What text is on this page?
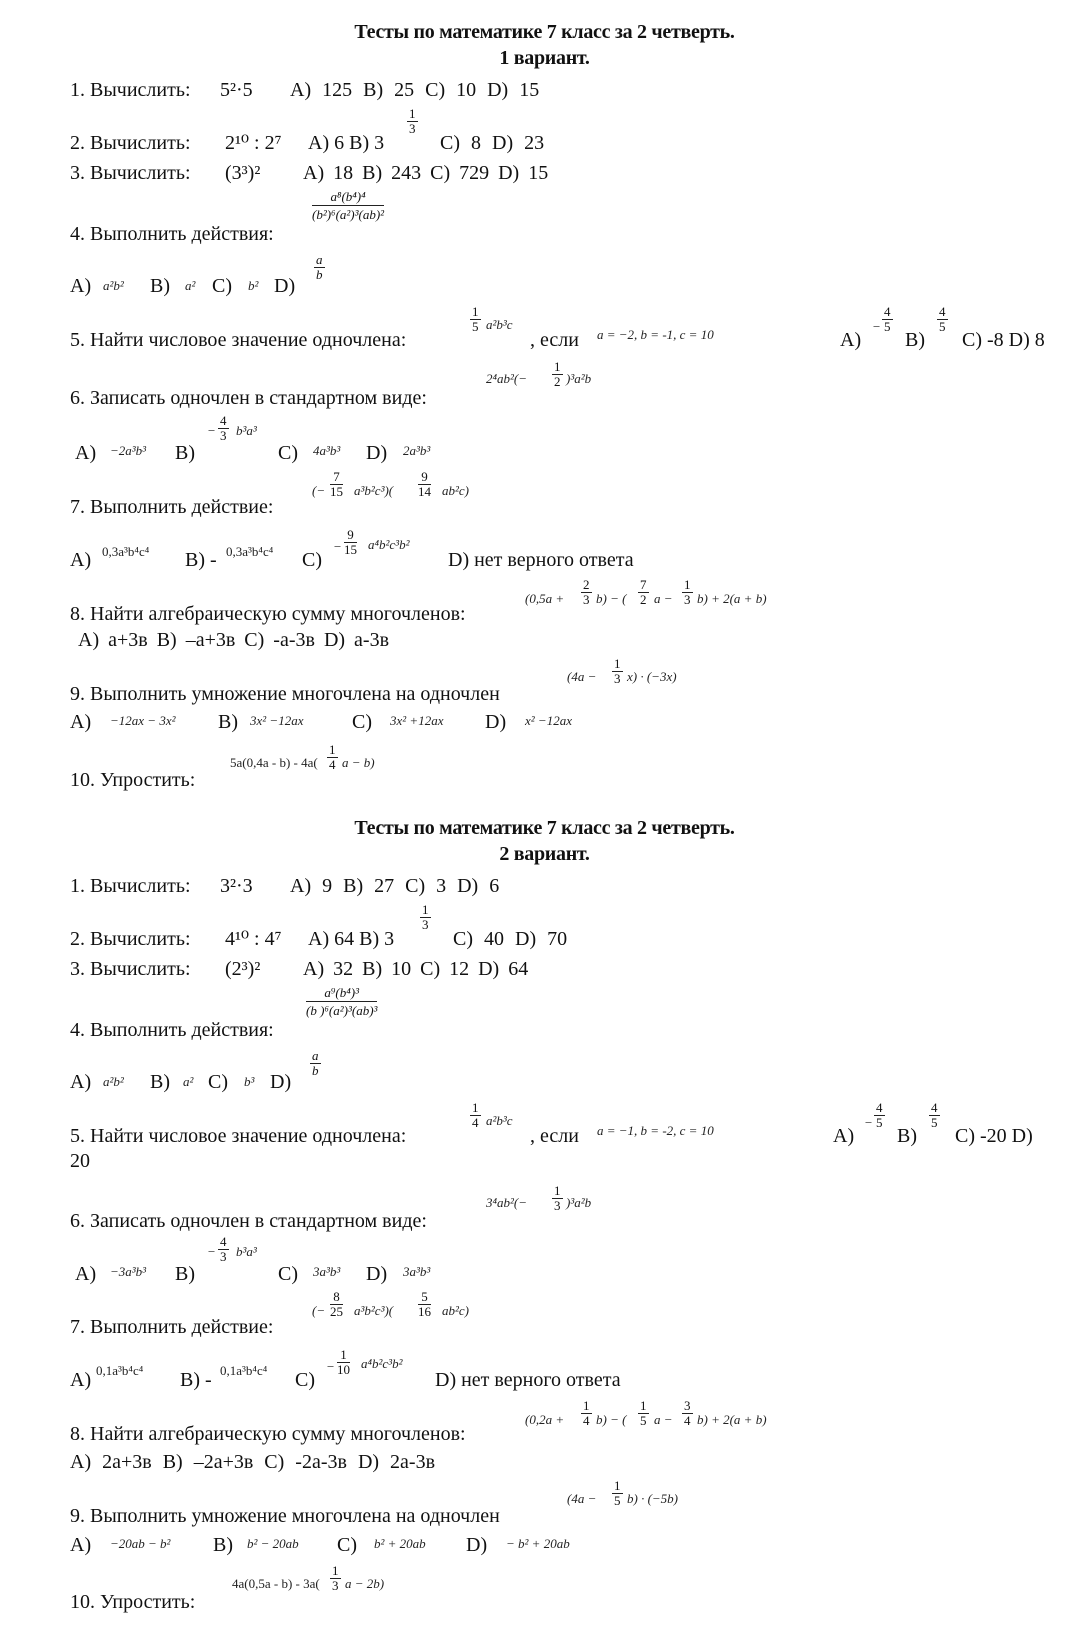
Тесты по математике 7 класс за 2 четверть.
1 вариант.
1. Вычислить: 5²·5 A) 125 B) 25 C) 10 D) 15
2. Вычислить: 2¹⁰ : 2⁷ A) 6 B) 3
1
3
C) 8 D) 23
3. Вычислить: (3³)² A) 18 B) 243 C) 729 D) 15
a⁸(b⁴)⁴
(b²)⁶(a²)³(ab)²
4. Выполнить действия:
A) a²b² B) a² C) b² D)
a
b
5. Найти числовое значение одночлена:
1
5 a²b³c
, если a = −2, b = -1, c = 10	A)
−
4
5
B)
4
5
C) -8 D) 8
2⁴ab²(−
1
2 )³a²b
6. Записать одночлен в стандартном виде:
A) −2a³b³ B)
−
4
3 b³a³
C) 4a³b³ D) 2a³b³
(−
7
15 a³b²c³)(
9
14 ab²c)
7. Выполнить действие:
A) 0,3a³b⁴c⁴ B) - 0,3a³b⁴c⁴ C)
−
9
15 a⁴b²c³b²
D) нет верного ответа
(0,5a +
2
3 b) − (
7
2 a −
1
3 b) + 2(a + b)
8. Найти алгебраическую сумму многочленов:
A) a+3в B) –a+3в C) -a-3в D) a-3в
(4a −
1
3 x) · (−3x)
9. Выполнить умножение многочлена на одночлен
A) −12ax − 3x² B) 3x² −12ax C) 3x² +12ax D) x² −12ax
5a(0,4a - b) - 4a(
1
4 a − b)
10. Упростить:
Тесты по математике 7 класс за 2 четверть.
2 вариант.
1. Вычислить: 3²·3 A) 9 B) 27 C) 3 D) 6
2. Вычислить: 4¹⁰ : 4⁷ A) 64 B) 3
1
3
C) 40 D) 70
3. Вычислить: (2³)² A) 32 B) 10 C) 12 D) 64
a⁹(b⁴)³
(b )⁶(a²)³(ab)³
4. Выполнить действия:
A) a²b² B) a² C) b³ D)
a
b
5. Найти числовое значение одночлена:
1
4 a²b³c
, если a = −1, b = -2, c = 10	A)
−
4
5
B)
4
5
C) -20 D)
20
3⁴ab²(−
1
3 )³a²b
6. Записать одночлен в стандартном виде:
A) −3a³b³ B)
−
4
3 b³a³
C) 3a³b³ D) 3a³b³
(−
8
25 a³b²c³)(
5
16 ab²c)
7. Выполнить действие:
A) 0,1a³b⁴c⁴ B) - 0,1a³b⁴c⁴ C)
−
1
10 a⁴b²c³b²
D) нет верного ответа
(0,2a +
1
4 b) − (
1
5 a −
3
4 b) + 2(a + b)
8. Найти алгебраическую сумму многочленов:
A) 2a+3в B) –2a+3в C) -2a-3в D) 2a-3в
(4a −
1
5 b) · (−5b)
9. Выполнить умножение многочлена на одночлен
A) −20ab − b² B) b² − 20ab C) b² + 20ab D) − b² + 20ab
4a(0,5a - b) - 3a(
1
3 a − 2b)
10. Упростить:
